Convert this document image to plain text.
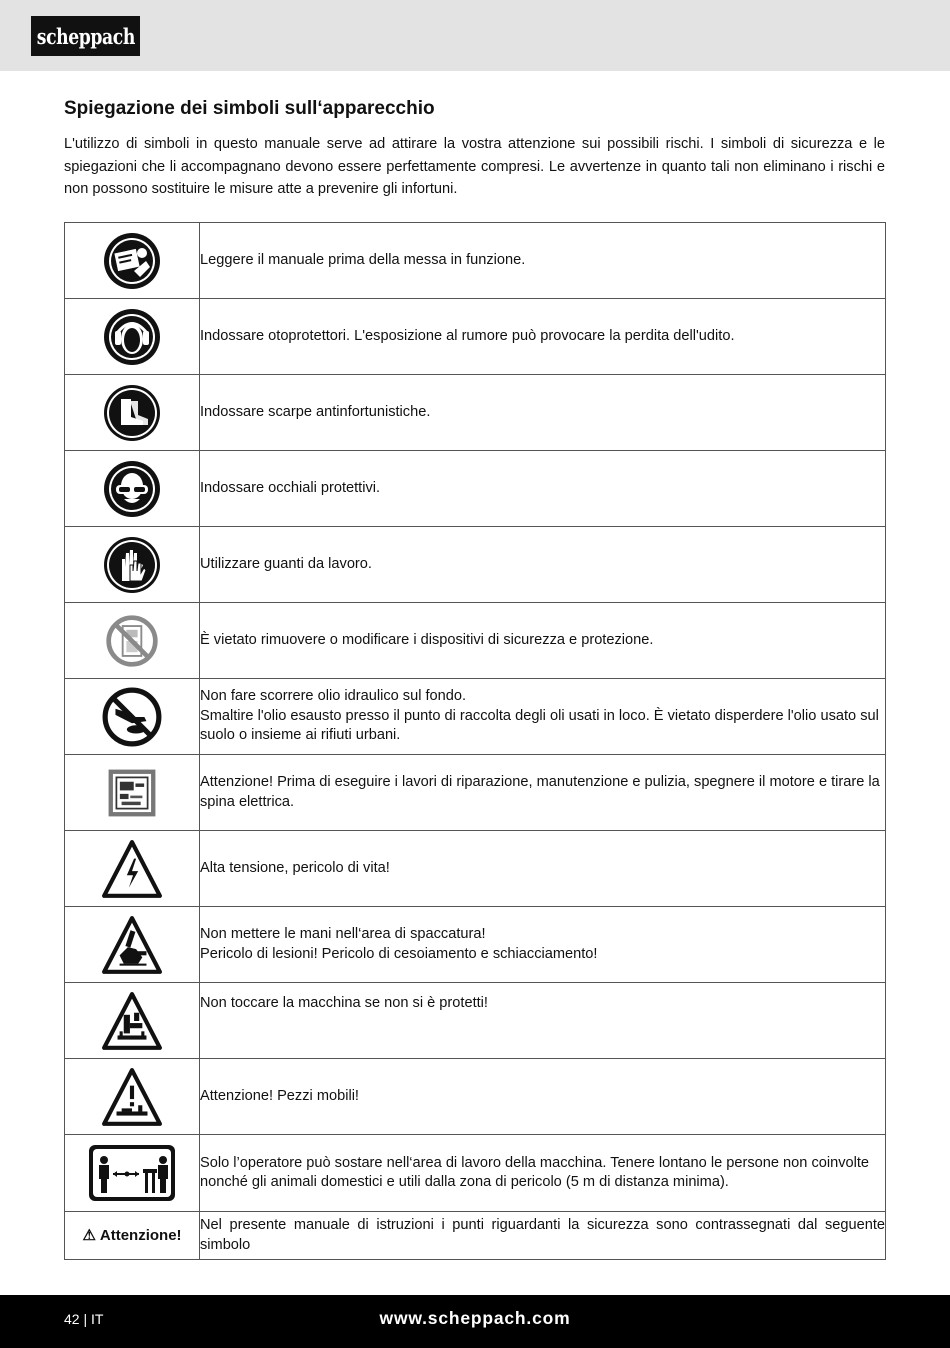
scheppach
Spiegazione dei simboli sull‘apparecchio

L'utilizzo di simboli in questo manuale serve ad attirare la vostra attenzione sui possibili rischi. I simboli di sicurezza e le spiegazioni che li accompagnano devono essere perfettamente compresi. Le avvertenze in quanto tali non eliminano i rischi e non possono sostituire le misure atte a prevenire gli infortuni.

Leggere il manuale prima della messa in funzione.

Indossare otoprotettori. L'esposizione al rumore può provocare la perdita dell'udito.

Indossare scarpe antinfortunistiche.

Indossare occhiali protettivi.

Utilizzare guanti da lavoro.

È vietato rimuovere o modificare i dispositivi di sicurezza e protezione.

Non fare scorrere olio idraulico sul fondo.
Smaltire l'olio esausto presso il punto di raccolta degli oli usati in loco. È vietato disperdere l'olio usato sul suolo o insieme ai rifiuti urbani.

Attenzione! Prima di eseguire i lavori di riparazione, manutenzione e pulizia, spegnere il motore e tirare la spina elettrica.

Alta tensione, pericolo di vita!

Non mettere le mani nell‘area di spaccatura!
Pericolo di lesioni! Pericolo di cesoiamento e schiacciamento!

Non toccare la macchina se non si è protetti!

Attenzione! Pezzi mobili!

Solo l’operatore può sostare nell‘area di lavoro della macchina. Tenere lontano le persone non coinvolte nonché gli animali domestici e utili dalla zona di pericolo (5 m di distanza minima).

⚠ Attenzione!	Nel presente manuale di istruzioni i punti riguardanti la sicurezza sono contrassegnati dal seguente simbolo
42 | IT	www.scheppach.com
